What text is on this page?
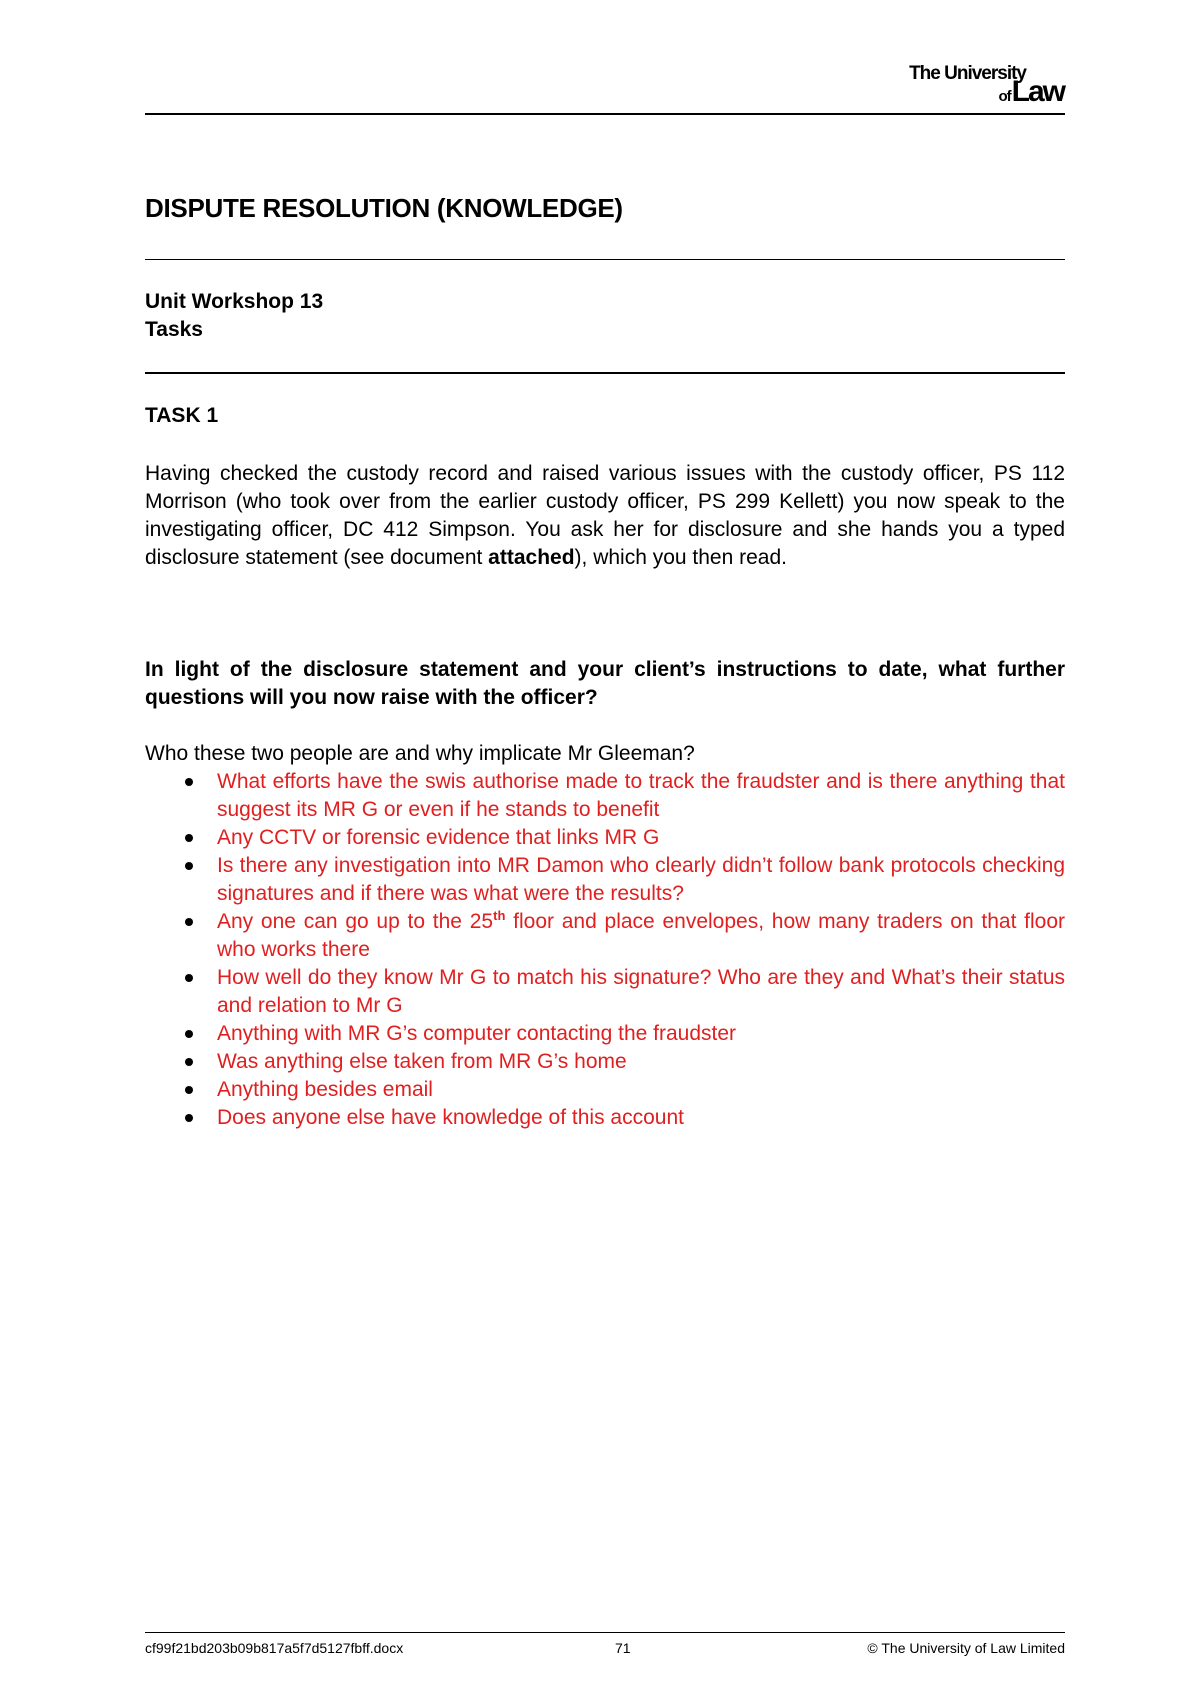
The University
of Law
DISPUTE RESOLUTION (KNOWLEDGE)
Unit Workshop 13
Tasks
TASK 1

Having checked the custody record and raised various issues with the custody officer, PS 112 Morrison (who took over from the earlier custody officer, PS 299 Kellett) you now speak to the investigating officer, DC 412 Simpson. You ask her for disclosure and she hands you a typed disclosure statement (see document attached), which you then read.

In light of the disclosure statement and your client’s instructions to date, what further questions will you now raise with the officer?

Who these two people are and why implicate Mr Gleeman?
What efforts have the swis authorise made to track the fraudster and is there anything that suggest its MR G or even if he stands to benefit
Any CCTV or forensic evidence that links MR G
Is there any investigation into MR Damon who clearly didn’t follow bank protocols checking signatures and if there was what were the results?
Any one can go up to the 25th floor and place envelopes, how many traders on that floor who works there
How well do they know Mr G to match his signature? Who are they and What’s their status and relation to Mr G
Anything with MR G’s computer contacting the fraudster
Was anything else taken from MR G’s home
Anything besides email
Does anyone else have knowledge of this account
cf99f21bd203b09b817a5f7d5127fbff.docx	71	© The University of Law Limited
